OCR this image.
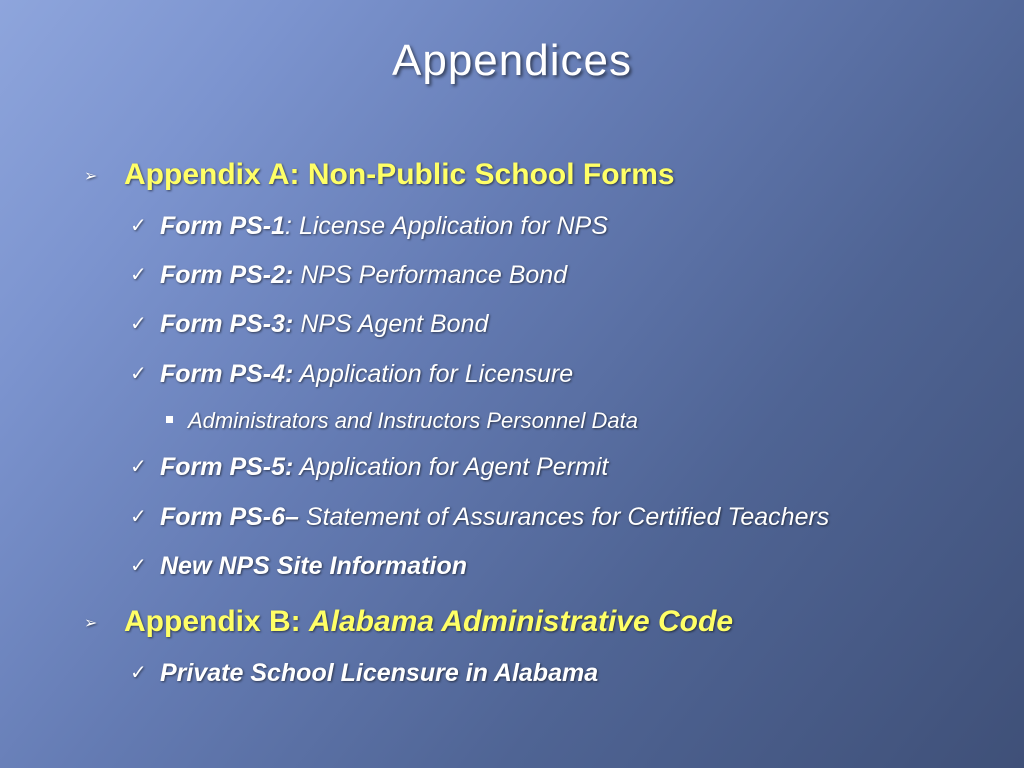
Appendices
➢ Appendix A: Non-Public School Forms
✓ Form PS-1: License Application for NPS
✓ Form PS-2: NPS Performance Bond
✓ Form PS-3: NPS Agent Bond
✓ Form PS-4: Application for Licensure
Administrators and Instructors Personnel Data
✓ Form PS-5: Application for Agent Permit
✓ Form PS-6– Statement of Assurances for Certified Teachers
✓ New NPS Site Information
➢ Appendix B: Alabama Administrative Code
✓ Private School Licensure in Alabama
